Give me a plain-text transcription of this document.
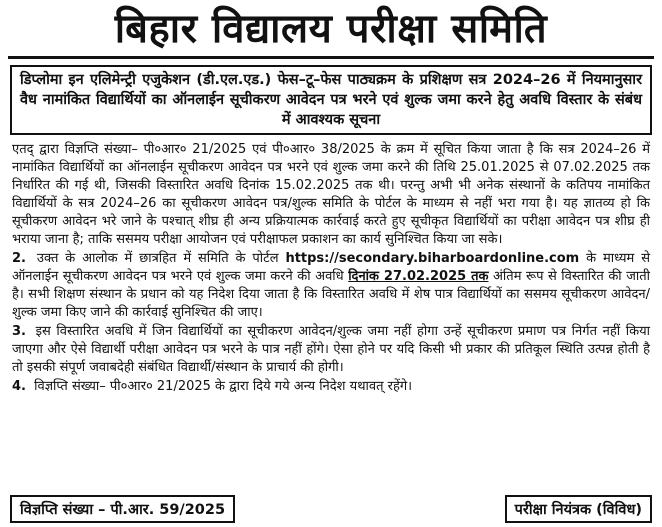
बिहार विद्यालय परीक्षा समिति
डिप्लोमा इन एलिमेन्ट्री एजुकेशन (डी.एल.एड.) फेस–टू–फेस पाठ्यक्रम के प्रशिक्षण सत्र 2024–26 में नियमानुसार वैध नामांकित विद्यार्थियों का ऑनलाईन सूचीकरण आवेदन पत्र भरने एवं शुल्क जमा करने हेतु अवधि विस्तार के संबंध में आवश्यक सूचना

एतद् द्वारा विज्ञप्ति संख्या– पी०आर० 21/2025 एवं पी०आर० 38/2025 के क्रम में सूचित किया जाता है कि सत्र 2024–26 में नामांकित विद्यार्थियों का ऑनलाईन सूचीकरण आवेदन पत्र भरने एवं शुल्क जमा करने की तिथि 25.01.2025 से 07.02.2025 तक निर्धारित की गई थी, जिसकी विस्तारित अवधि दिनांक 15.02.2025 तक थी। परन्तु अभी भी अनेक संस्थानों के कतिपय नामांकित विद्यार्थियों के सत्र 2024–26 का सूचीकरण आवेदन पत्र/शुल्क समिति के पोर्टल के माध्यम से नहीं भरा गया है। यह ज्ञातव्य हो कि सूचीकरण आवेदन भरे जाने के पश्चात् शीघ्र ही अन्य प्रक्रियात्मक कार्रवाई करते हुए सूचीकृत विद्यार्थियों का परीक्षा आवेदन पत्र शीघ्र ही भराया जाना है; ताकि ससमय परीक्षा आयोजन एवं परीक्षाफल प्रकाशन का कार्य सुनिश्चित किया जा सके।

2. उक्त के आलोक में छात्रहित में समिति के पोर्टल https://secondary.biharboardonline.com के माध्यम से ऑनलाईन सूचीकरण आवेदन पत्र भरने एवं शुल्क जमा करने की अवधि दिनांक 27.02.2025 तक अंतिम रूप से विस्तारित की जाती है। सभी शिक्षण संस्थान के प्रधान को यह निदेश दिया जाता है कि विस्तारित अवधि में शेष पात्र विद्यार्थियों का ससमय सूचीकरण आवेदन/शुल्क जमा किए जाने की कार्रवाई सुनिश्चित की जाए।

3. इस विस्तारित अवधि में जिन विद्यार्थियों का सूचीकरण आवेदन/शुल्क जमा नहीं होगा उन्हें सूचीकरण प्रमाण पत्र निर्गत नहीं किया जाएगा और ऐसे विद्यार्थी परीक्षा आवेदन पत्र भरने के पात्र नहीं होंगे। ऐसा होने पर यदि किसी भी प्रकार की प्रतिकूल स्थिति उत्पन्न होती है तो इसकी संपूर्ण जवाबदेही संबंधित विद्यार्थी/संस्थान के प्राचार्य की होगी।

4. विज्ञप्ति संख्या– पी०आर० 21/2025 के द्वारा दिये गये अन्य निदेश यथावत् रहेंगे।

विज्ञप्ति संख्या – पी.आर. 59/2025	परीक्षा नियंत्रक (विविध)
